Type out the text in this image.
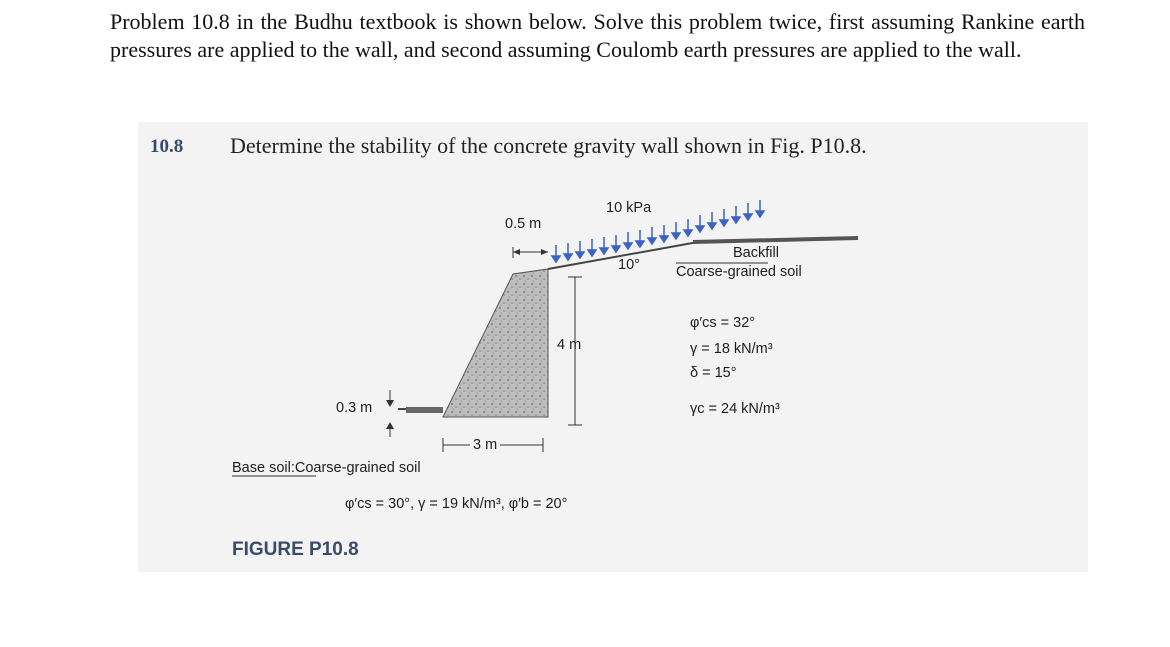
Problem 10.8 in the Budhu textbook is shown below. Solve this problem twice, first assuming Rankine earth pressures are applied to the wall, and second assuming Coulomb earth pressures are applied to the wall.
10.8 Determine the stability of the concrete gravity wall shown in Fig. P10.8.
10 kPa
0.5 m
10°
Backfill
Coarse-grained soil
φ′cs = 32°
γ = 18 kN/m³
δ = 15°
γc = 24 kN/m³
4 m
0.3 m
3 m
Base soil:Coarse-grained soil
φ′cs = 30°, γ = 19 kN/m³, φ′b = 20°
FIGURE P10.8
